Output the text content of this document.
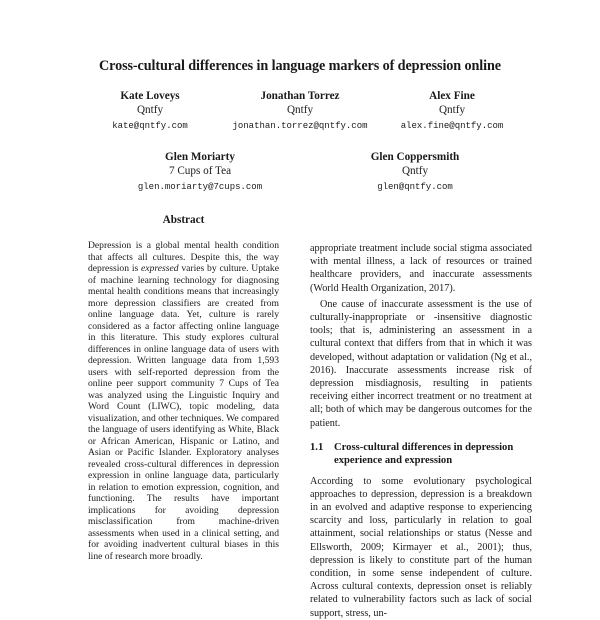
Cross-cultural differences in language markers of depression online
Kate Loveys
Qntfy
kate@qntfy.com
Jonathan Torrez
Qntfy
jonathan.torrez@qntfy.com
Alex Fine
Qntfy
alex.fine@qntfy.com
Glen Moriarty
7 Cups of Tea
glen.moriarty@7cups.com
Glen Coppersmith
Qntfy
glen@qntfy.com
Abstract

Depression is a global mental health condition that affects all cultures. Despite this, the way depression is expressed varies by culture. Uptake of machine learning technology for diagnosing mental health conditions means that increasingly more depression classifiers are created from online language data. Yet, culture is rarely considered as a factor affecting online language in this literature. This study explores cultural differences in online language data of users with depression. Written language data from 1,593 users with self-reported depression from the online peer support community 7 Cups of Tea was analyzed using the Linguistic Inquiry and Word Count (LIWC), topic modeling, data visualization, and other techniques. We compared the language of users identifying as White, Black or African American, Hispanic or Latino, and Asian or Pacific Islander. Exploratory analyses revealed cross-cultural differences in depression expression in online language data, particularly in relation to emotion expression, cognition, and functioning. The results have important implications for avoiding depression misclassification from machine-driven assessments when used in a clinical setting, and for avoiding inadvertent cultural biases in this line of research more broadly.

appropriate treatment include social stigma associated with mental illness, a lack of resources or trained healthcare providers, and inaccurate assessments (World Health Organization, 2017).

One cause of inaccurate assessment is the use of culturally-inappropriate or -insensitive diagnostic tools; that is, administering an assessment in a cultural context that differs from that in which it was developed, without adaptation or validation (Ng et al., 2016). Inaccurate assessments increase risk of depression misdiagnosis, resulting in patients receiving either incorrect treatment or no treatment at all; both of which may be dangerous outcomes for the patient.

1.1	Cross-cultural differences in depression experience and expression

According to some evolutionary psychological approaches to depression, depression is a breakdown in an evolved and adaptive response to experiencing scarcity and loss, particularly in relation to goal attainment, social relationships or status (Nesse and Ellsworth, 2009; Kirmayer et al., 2001); thus, depression is likely to constitute part of the human condition, in some sense independent of culture. Across cultural contexts, depression onset is reliably related to vulnerability factors such as lack of social support, stress, un-
